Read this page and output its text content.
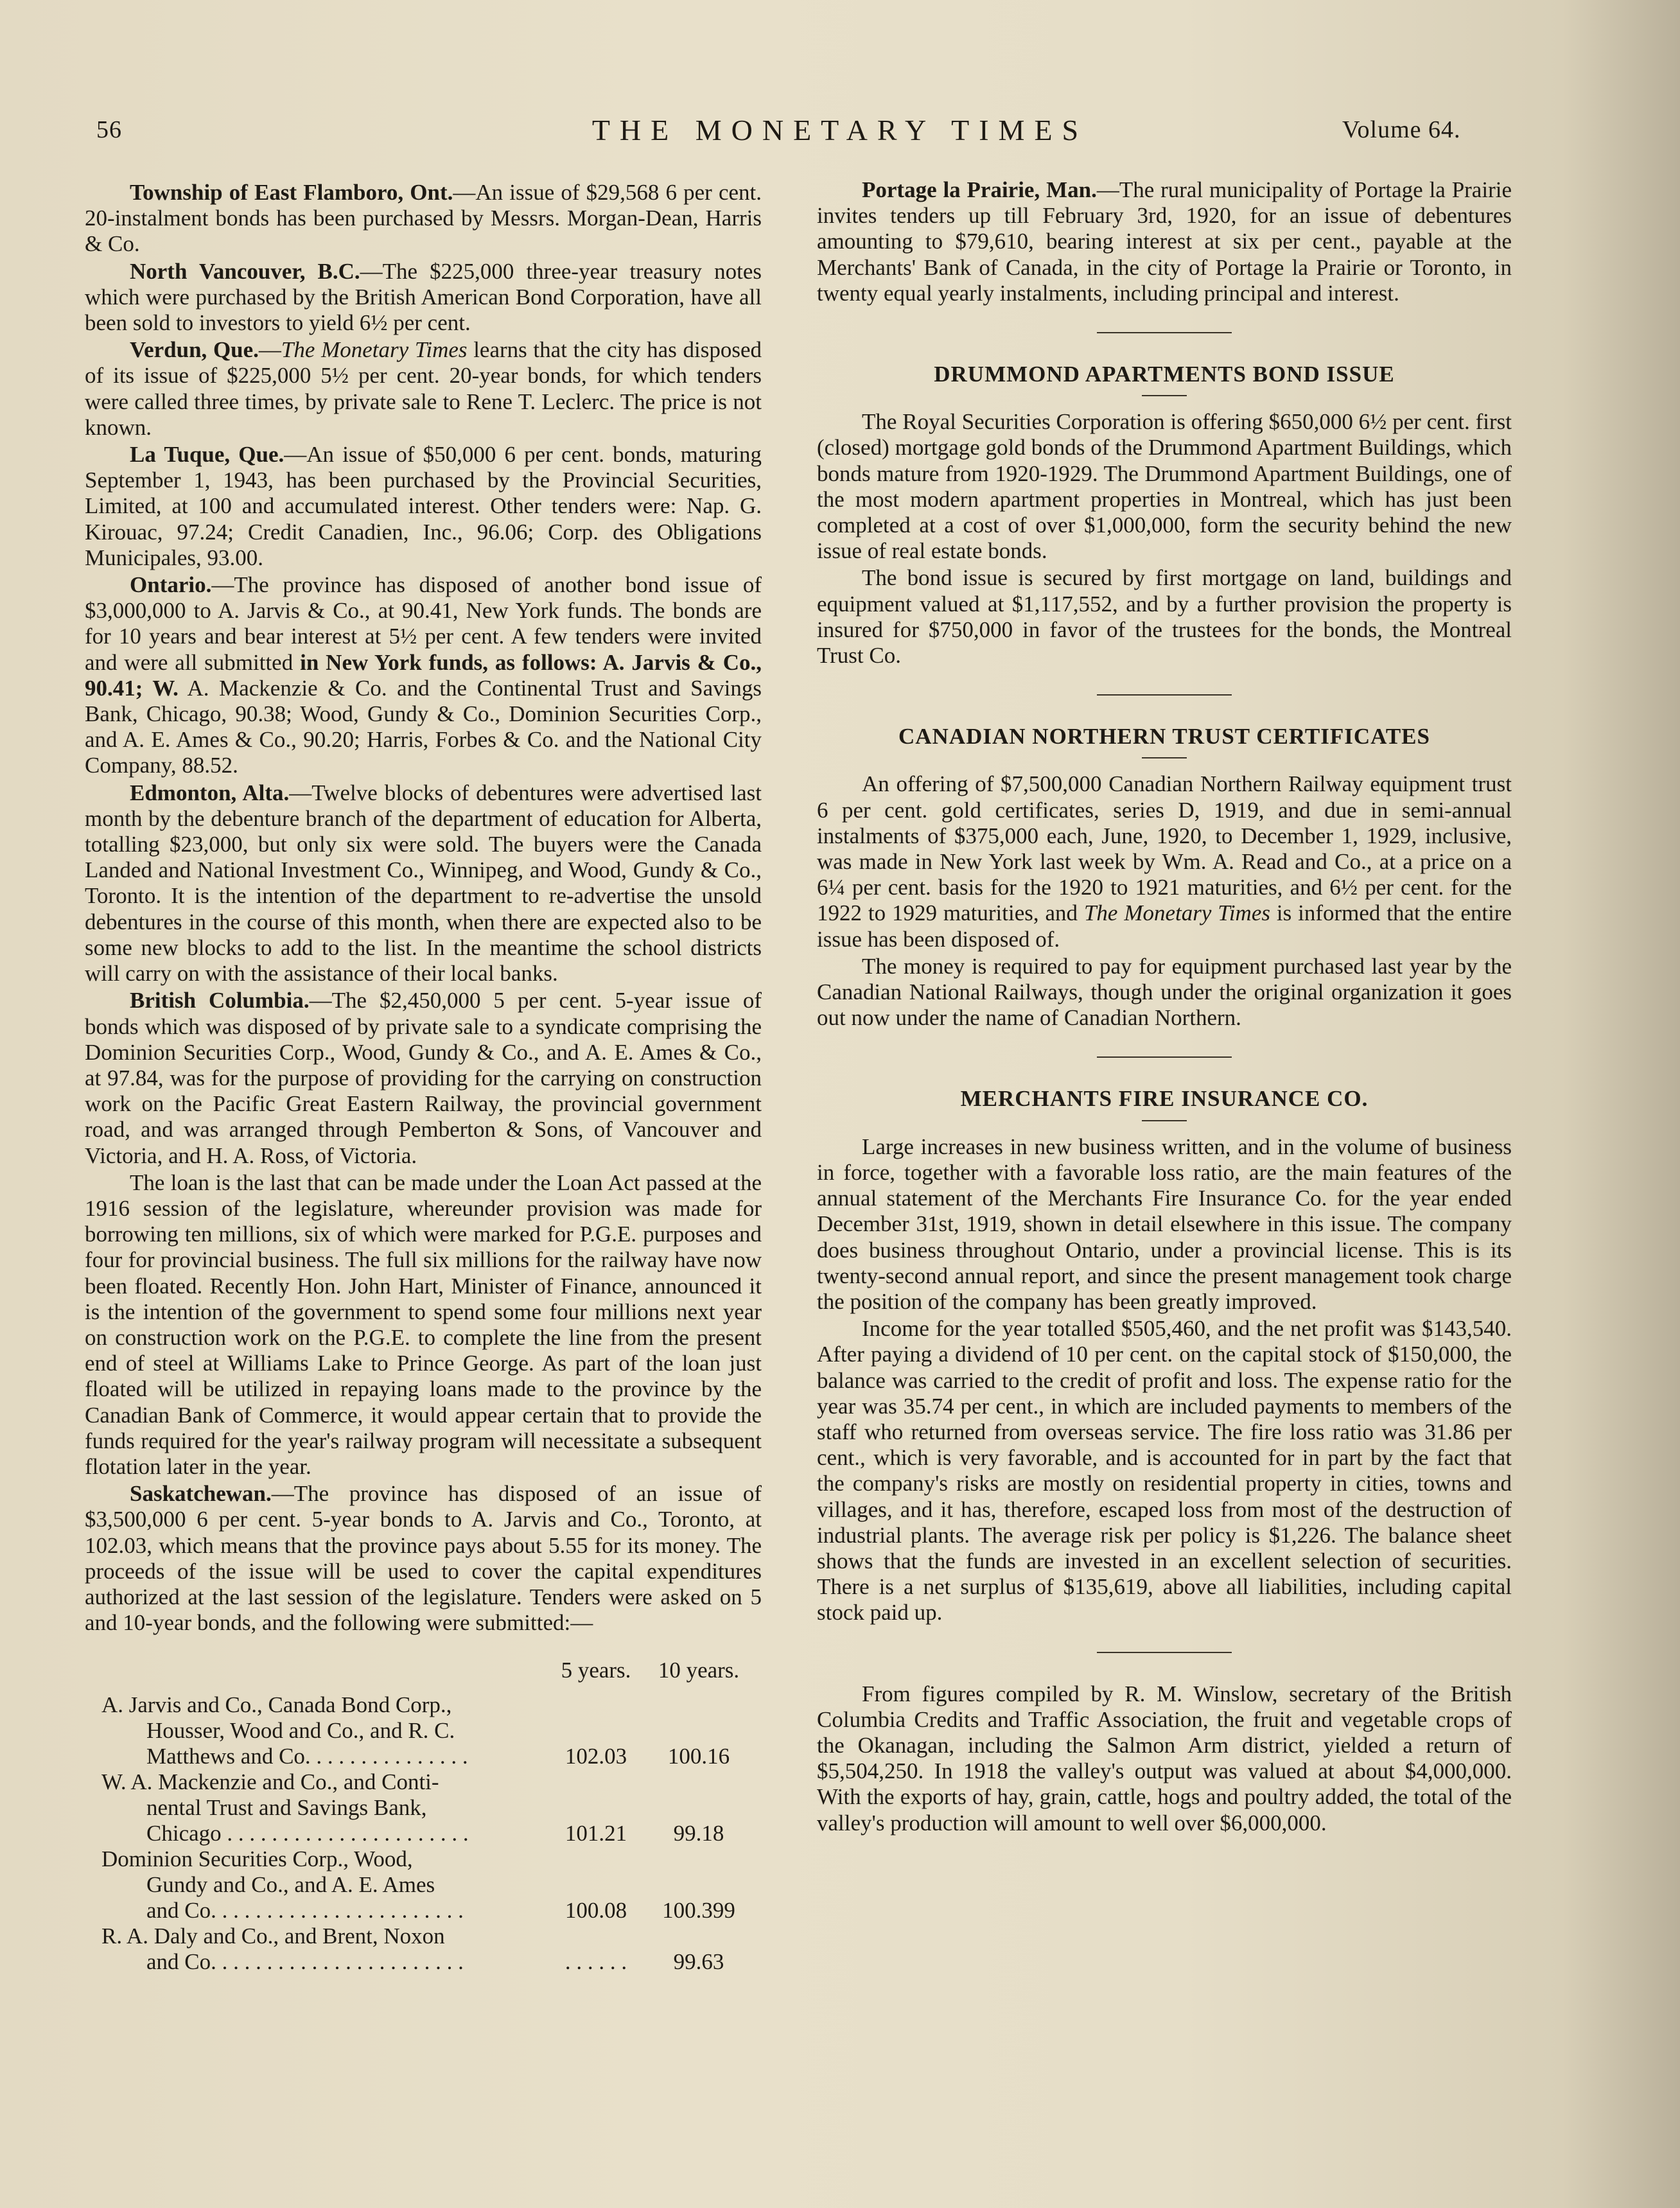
56	THE MONETARY TIMES	Volume 64.

Township of East Flamboro, Ont.—An issue of $29,568 6 per cent. 20-instalment bonds has been purchased by Messrs. Morgan-Dean, Harris & Co.

North Vancouver, B.C.—The $225,000 three-year treasury notes which were purchased by the British American Bond Corporation, have all been sold to investors to yield 6½ per cent.

Verdun, Que.—The Monetary Times learns that the city has disposed of its issue of $225,000 5½ per cent. 20-year bonds, for which tenders were called three times, by private sale to Rene T. Leclerc. The price is not known.

La Tuque, Que.—An issue of $50,000 6 per cent. bonds, maturing September 1, 1943, has been purchased by the Provincial Securities, Limited, at 100 and accumulated interest. Other tenders were: Nap. G. Kirouac, 97.24; Credit Canadien, Inc., 96.06; Corp. des Obligations Municipales, 93.00.

Ontario.—The province has disposed of another bond issue of $3,000,000 to A. Jarvis & Co., at 90.41, New York funds. The bonds are for 10 years and bear interest at 5½ per cent. A few tenders were invited and were all submitted in New York funds, as follows: A. Jarvis & Co., 90.41; W. A. Mackenzie & Co. and the Continental Trust and Savings Bank, Chicago, 90.38; Wood, Gundy & Co., Dominion Securities Corp., and A. E. Ames & Co., 90.20; Harris, Forbes & Co. and the National City Company, 88.52.

Edmonton, Alta.—Twelve blocks of debentures were advertised last month by the debenture branch of the department of education for Alberta, totalling $23,000, but only six were sold. The buyers were the Canada Landed and National Investment Co., Winnipeg, and Wood, Gundy & Co., Toronto. It is the intention of the department to re-advertise the unsold debentures in the course of this month, when there are expected also to be some new blocks to add to the list. In the meantime the school districts will carry on with the assistance of their local banks.

British Columbia.—The $2,450,000 5 per cent. 5-year issue of bonds which was disposed of by private sale to a syndicate comprising the Dominion Securities Corp., Wood, Gundy & Co., and A. E. Ames & Co., at 97.84, was for the purpose of providing for the carrying on construction work on the Pacific Great Eastern Railway, the provincial government road, and was arranged through Pemberton & Sons, of Vancouver and Victoria, and H. A. Ross, of Victoria.

The loan is the last that can be made under the Loan Act passed at the 1916 session of the legislature, whereunder provision was made for borrowing ten millions, six of which were marked for P.G.E. purposes and four for provincial business. The full six millions for the railway have now been floated. Recently Hon. John Hart, Minister of Finance, announced it is the intention of the government to spend some four millions next year on construction work on the P.G.E. to complete the line from the present end of steel at Williams Lake to Prince George. As part of the loan just floated will be utilized in repaying loans made to the province by the Canadian Bank of Commerce, it would appear certain that to provide the funds required for the year's railway program will necessitate a subsequent flotation later in the year.

Saskatchewan.—The province has disposed of an issue of $3,500,000 6 per cent. 5-year bonds to A. Jarvis and Co., Toronto, at 102.03, which means that the province pays about 5.55 for its money. The proceeds of the issue will be used to cover the capital expenditures authorized at the last session of the legislature. Tenders were asked on 5 and 10-year bonds, and the following were submitted:—

	5 years.	10 years.
A. Jarvis and Co., Canada Bond Corp.,
Housser, Wood and Co., and R. C.
Matthews and Co. . . . . . . . . . . . . . .	102.03	100.16
W. A. Mackenzie and Co., and Conti-
nental Trust and Savings Bank,
Chicago . . . . . . . . . . . . . . . . . . . . . .	101.21	99.18
Dominion Securities Corp., Wood,
Gundy and Co., and A. E. Ames
and Co. . . . . . . . . . . . . . . . . . . . . . .	100.08	100.399
R. A. Daly and Co., and Brent, Noxon
and Co. . . . . . . . . . . . . . . . . . . . . . .	. . . . . .	99.63

Portage la Prairie, Man.—The rural municipality of Portage la Prairie invites tenders up till February 3rd, 1920, for an issue of debentures amounting to $79,610, bearing interest at six per cent., payable at the Merchants' Bank of Canada, in the city of Portage la Prairie or Toronto, in twenty equal yearly instalments, including principal and interest.

DRUMMOND APARTMENTS BOND ISSUE

The Royal Securities Corporation is offering $650,000 6½ per cent. first (closed) mortgage gold bonds of the Drummond Apartment Buildings, which bonds mature from 1920-1929. The Drummond Apartment Buildings, one of the most modern apartment properties in Montreal, which has just been completed at a cost of over $1,000,000, form the security behind the new issue of real estate bonds.

The bond issue is secured by first mortgage on land, buildings and equipment valued at $1,117,552, and by a further provision the property is insured for $750,000 in favor of the trustees for the bonds, the Montreal Trust Co.

CANADIAN NORTHERN TRUST CERTIFICATES

An offering of $7,500,000 Canadian Northern Railway equipment trust 6 per cent. gold certificates, series D, 1919, and due in semi-annual instalments of $375,000 each, June, 1920, to December 1, 1929, inclusive, was made in New York last week by Wm. A. Read and Co., at a price on a 6¼ per cent. basis for the 1920 to 1921 maturities, and 6½ per cent. for the 1922 to 1929 maturities, and The Monetary Times is informed that the entire issue has been disposed of.

The money is required to pay for equipment purchased last year by the Canadian National Railways, though under the original organization it goes out now under the name of Canadian Northern.

MERCHANTS FIRE INSURANCE CO.

Large increases in new business written, and in the volume of business in force, together with a favorable loss ratio, are the main features of the annual statement of the Merchants Fire Insurance Co. for the year ended December 31st, 1919, shown in detail elsewhere in this issue. The company does business throughout Ontario, under a provincial license. This is its twenty-second annual report, and since the present management took charge the position of the company has been greatly improved.

Income for the year totalled $505,460, and the net profit was $143,540. After paying a dividend of 10 per cent. on the capital stock of $150,000, the balance was carried to the credit of profit and loss. The expense ratio for the year was 35.74 per cent., in which are included payments to members of the staff who returned from overseas service. The fire loss ratio was 31.86 per cent., which is very favorable, and is accounted for in part by the fact that the company's risks are mostly on residential property in cities, towns and villages, and it has, therefore, escaped loss from most of the destruction of industrial plants. The average risk per policy is $1,226. The balance sheet shows that the funds are invested in an excellent selection of securities. There is a net surplus of $135,619, above all liabilities, including capital stock paid up.

From figures compiled by R. M. Winslow, secretary of the British Columbia Credits and Traffic Association, the fruit and vegetable crops of the Okanagan, including the Salmon Arm district, yielded a return of $5,504,250. In 1918 the valley's output was valued at about $4,000,000. With the exports of hay, grain, cattle, hogs and poultry added, the total of the valley's production will amount to well over $6,000,000.
